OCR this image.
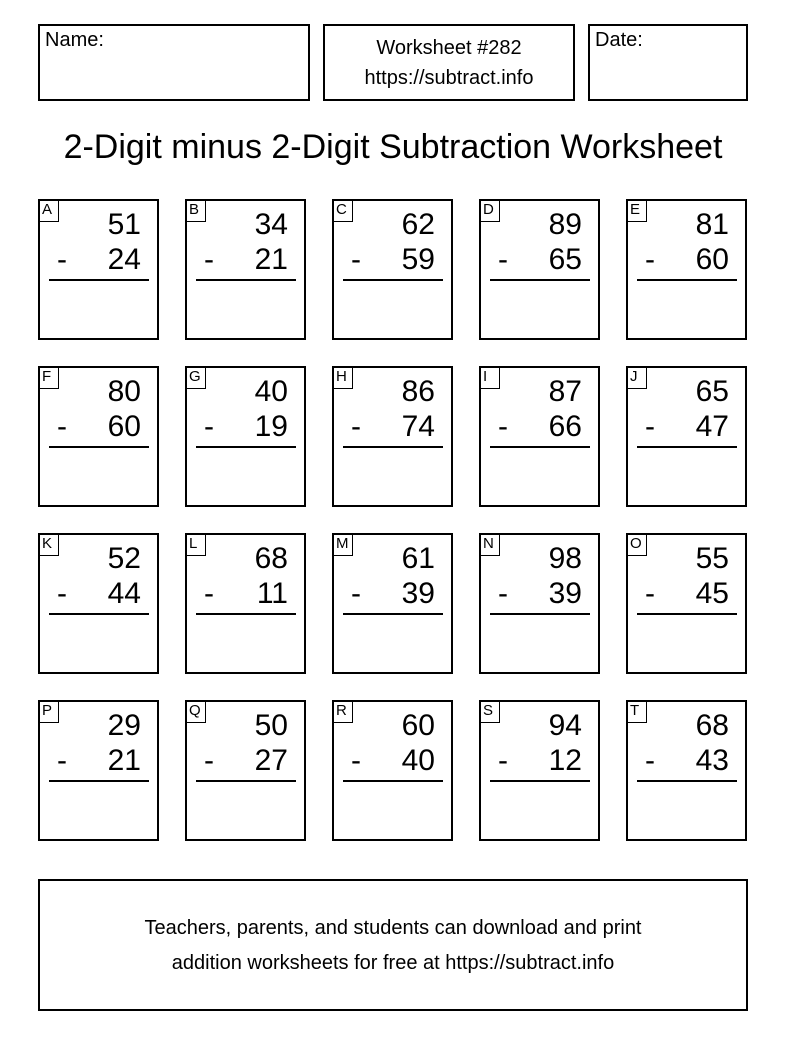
Name:	Worksheet #282
https://subtract.info
Date:
2-Digit minus 2-Digit Subtraction Worksheet
A 51
- 24
B 34
- 21
C 62
- 59
D 89
- 65
E 81
- 60
F 80
- 60
G 40
- 19
H 86
- 74
I	87
- 66
J	65
- 47
K 52
- 44
L 68
- 11
M 61
- 39
N 98
- 39
O 55
- 45
P 29
- 21
Q 50
- 27
R 60
- 40
S 94
- 12
T 68
- 43
Teachers, parents, and students can download and print
addition worksheets for free at https://subtract.info
